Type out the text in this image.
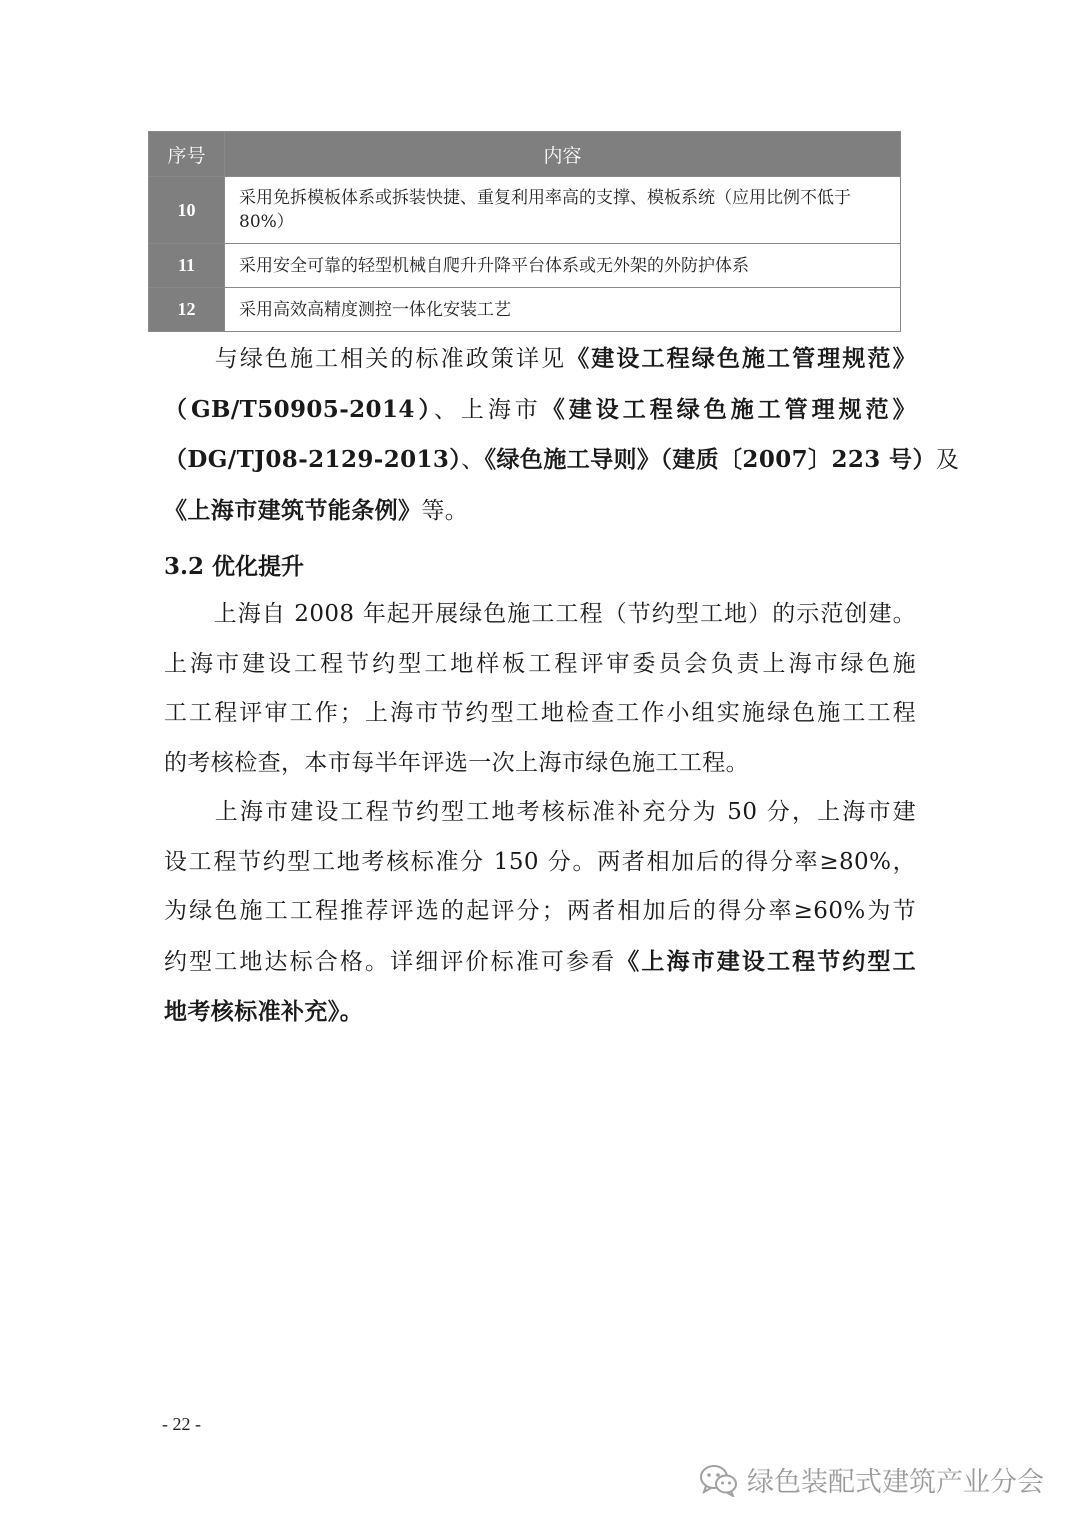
序号	内容
10	采用免拆模板体系或拆装快捷、重复利用率高的支撑、模板系统（应用比例不低于 80%）
11	采用安全可靠的轻型机械自爬升升降平台体系或无外架的外防护体系
12	采用高效高精度测控一体化安装工艺
与绿色施工相关的标准政策详见《建设工程绿色施工管理规范》
（GB/T50905-2014）、上海市《建设工程绿色施工管理规范》
（DG/TJ08-2129-2013）、《绿色施工导则》（建质〔2007〕223 号）及
《上海市建筑节能条例》等。
3.2 优化提升
上海自 2008 年起开展绿色施工工程（节约型工地）的示范创建。
上海市建设工程节约型工地样板工程评审委员会负责上海市绿色施
工工程评审工作；上海市节约型工地检查工作小组实施绿色施工工程
的考核检查，本市每半年评选一次上海市绿色施工工程。
上海市建设工程节约型工地考核标准补充分为 50 分，上海市建
设工程节约型工地考核标准分 150 分。两者相加后的得分率≥80%，
为绿色施工工程推荐评选的起评分；两者相加后的得分率≥60%为节
约型工地达标合格。详细评价标准可参看《上海市建设工程节约型工
地考核标准补充》。
- 22 -
绿色装配式建筑产业分会
